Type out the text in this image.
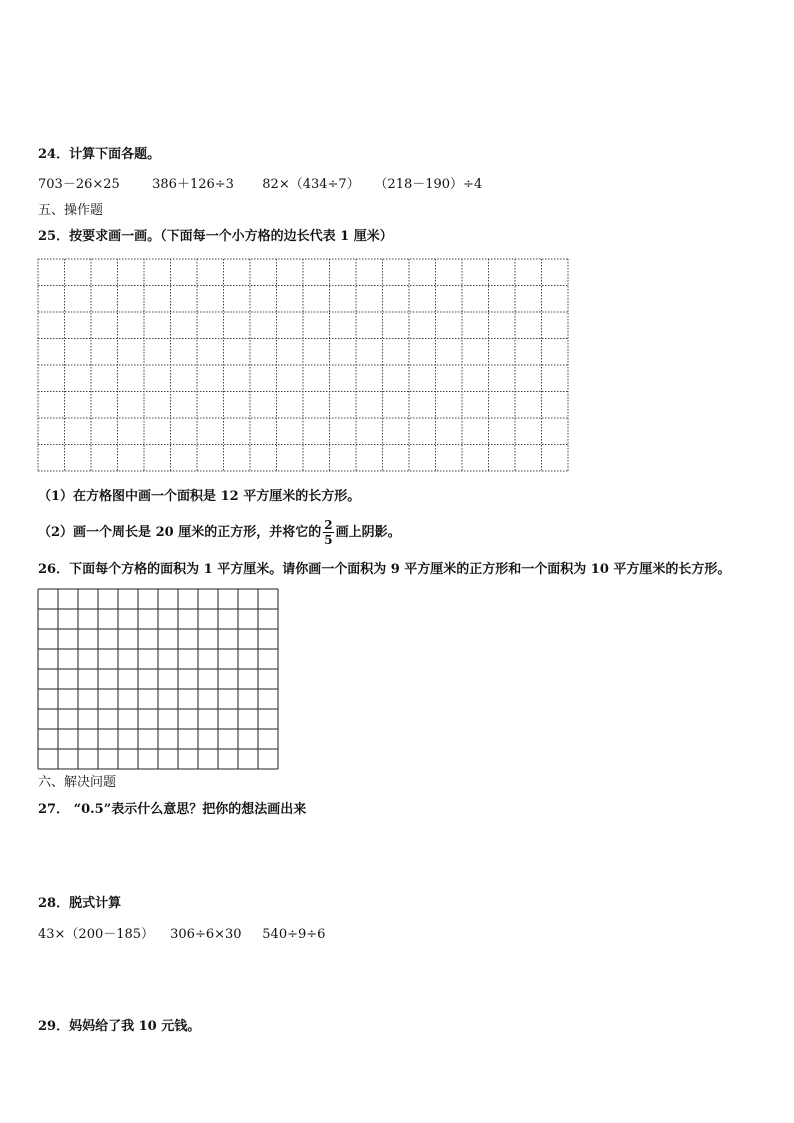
24．计算下面各题。
703－26×25 386＋126÷3 82×（434÷7） （218－190）÷4
五、操作题
25．按要求画一画。（下面每一个小方格的边长代表 1 厘米）
（1）在方格图中画一个面积是 12 平方厘米的长方形。
（2）画一个周长是 20 厘米的正方形，并将它的 $\frac{2}{5}$ 画上阴影。
26．下面每个方格的面积为 1 平方厘米。请你画一个面积为 9 平方厘米的正方形和一个面积为 10 平方厘米的长方形。
六、解决问题
27． “0.5”表示什么意思？把你的想法画出来
28．脱式计算
43×（200－185） 306÷6×30 540÷9÷6
29．妈妈给了我 10 元钱。
